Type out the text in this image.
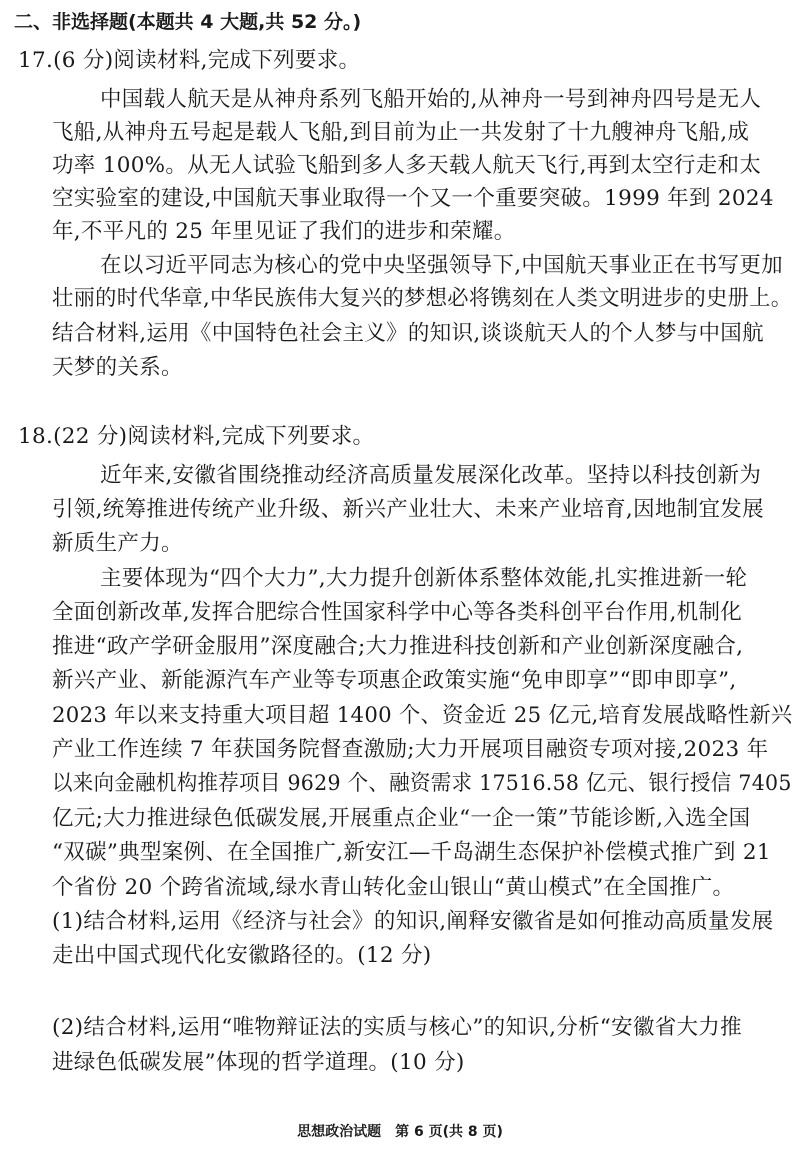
二、非选择题(本题共 4 大题,共 52 分。)
17.(6 分)阅读材料,完成下列要求。
中国载人航天是从神舟系列飞船开始的,从神舟一号到神舟四号是无人
飞船,从神舟五号起是载人飞船,到目前为止一共发射了十九艘神舟飞船,成
功率 100%。从无人试验飞船到多人多天载人航天飞行,再到太空行走和太
空实验室的建设,中国航天事业取得一个又一个重要突破。1999 年到 2024
年,不平凡的 25 年里见证了我们的进步和荣耀。
在以习近平同志为核心的党中央坚强领导下,中国航天事业正在书写更加
壮丽的时代华章,中华民族伟大复兴的梦想必将镌刻在人类文明进步的史册上。
结合材料,运用《中国特色社会主义》的知识,谈谈航天人的个人梦与中国航
天梦的关系。
18.(22 分)阅读材料,完成下列要求。
近年来,安徽省围绕推动经济高质量发展深化改革。坚持以科技创新为
引领,统筹推进传统产业升级、新兴产业壮大、未来产业培育,因地制宜发展
新质生产力。
主要体现为“四个大力”,大力提升创新体系整体效能,扎实推进新一轮
全面创新改革,发挥合肥综合性国家科学中心等各类科创平台作用,机制化
推进“政产学研金服用”深度融合;大力推进科技创新和产业创新深度融合,
新兴产业、新能源汽车产业等专项惠企政策实施“免申即享”“即申即享”,
2023 年以来支持重大项目超 1400 个、资金近 25 亿元,培育发展战略性新兴
产业工作连续 7 年获国务院督查激励;大力开展项目融资专项对接,2023 年
以来向金融机构推荐项目 9629 个、融资需求 17516.58 亿元、银行授信 7405
亿元;大力推进绿色低碳发展,开展重点企业“一企一策”节能诊断,入选全国
“双碳”典型案例、在全国推广,新安江—千岛湖生态保护补偿模式推广到 21
个省份 20 个跨省流域,绿水青山转化金山银山“黄山模式”在全国推广。
(1)结合材料,运用《经济与社会》的知识,阐释安徽省是如何推动高质量发展
走出中国式现代化安徽路径的。(12 分)
(2)结合材料,运用“唯物辩证法的实质与核心”的知识,分析“安徽省大力推
进绿色低碳发展”体现的哲学道理。(10 分)
思想政治试题　第 6 页(共 8 页)
